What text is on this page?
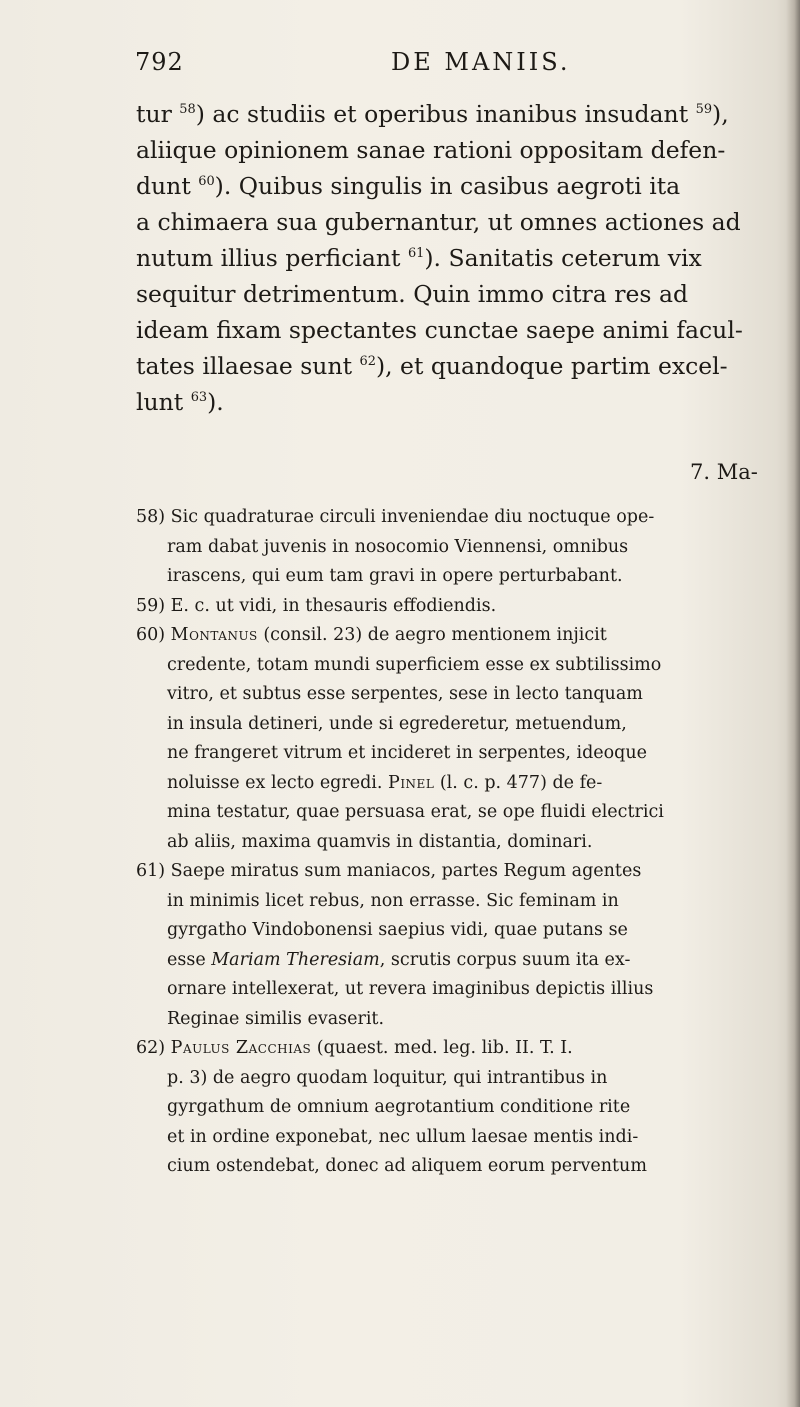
792	DE MANIIS.
tur $^{58}$) ac studiis et operibus inanibus insudant $^{59}$),
aliique opinionem sanae rationi oppositam defen-
dunt $^{60}$). Quibus singulis in casibus aegroti ita
a chimaera sua gubernantur, ut omnes actiones ad
nutum illius perficiant $^{61}$). Sanitatis ceterum vix
sequitur detrimentum. Quin immo citra res ad
ideam fixam spectantes cunctae saepe animi facul-
tates illaesae sunt $^{62}$), et quandoque partim excel-
lunt $^{63}$).
7. Ma-
58) Sic quadraturae circuli inveniendae diu noctuque ope-
ram dabat juvenis in nosocomio Viennensi, omnibus
irascens, qui eum tam gravi in opere perturbabant.
59) E. c. ut vidi, in thesauris effodiendis.
60) Montanus (consil. 23) de aegro mentionem injicit
credente, totam mundi superficiem esse ex subtilissimo
vitro, et subtus esse serpentes, sese in lecto tanquam
in insula detineri, unde si egrederetur, metuendum,
ne frangeret vitrum et incideret in serpentes, ideoque
noluisse ex lecto egredi. Pinel (l. c. p. 477) de fe-
mina testatur, quae persuasa erat, se ope fluidi electrici
ab aliis, maxima quamvis in distantia, dominari.
61) Saepe miratus sum maniacos, partes Regum agentes
in minimis licet rebus, non errasse. Sic feminam in
gyrgatho Vindobonensi saepius vidi, quae putans se
esse Mariam Theresiam, scrutis corpus suum ita ex-
ornare intellexerat, ut revera imaginibus depictis illius
Reginae similis evaserit.
62) Paulus Zacchias (quaest. med. leg. lib. II. T. I.
p. 3) de aegro quodam loquitur, qui intrantibus in
gyrgathum de omnium aegrotantium conditione rite
et in ordine exponebat, nec ullum laesae mentis indi-
cium ostendebat, donec ad aliquem eorum perventum
